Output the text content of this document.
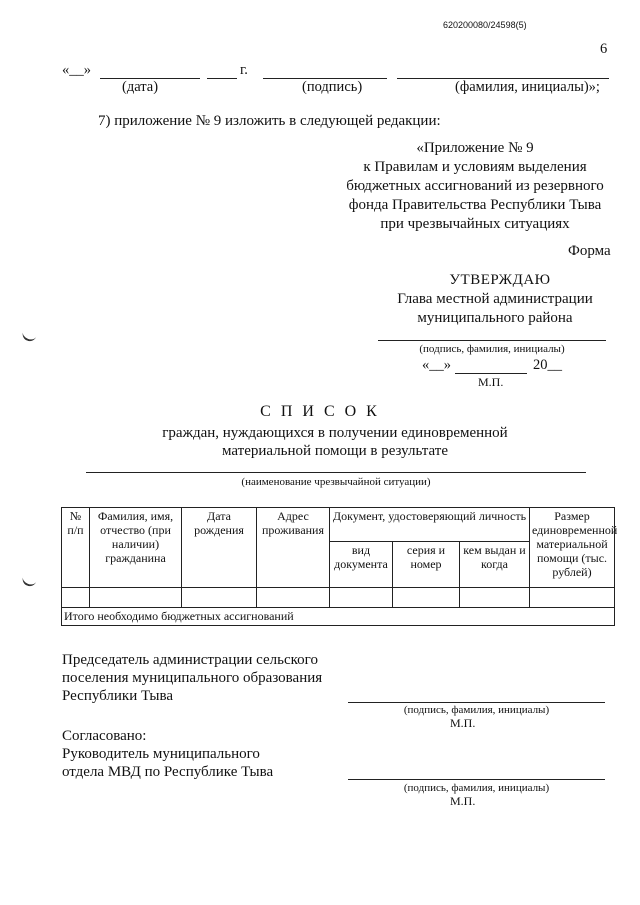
620200080/24598(5)
6
«__»	г.
(дата)	(подпись)	(фамилия, инициалы)»;
7) приложение № 9 изложить в следующей редакции:
«Приложение № 9
к Правилам и условиям выделения
бюджетных ассигнований из резервного
фонда Правительства Республики Тыва
при чрезвычайных ситуациях
Форма
УТВЕРЖДАЮ
Глава местной администрации
муниципального района
(подпись, фамилия, инициалы)
«__»	20__
М.П.
С П И С О К
граждан, нуждающихся в получении единовременной
материальной помощи в результате
(наименование чрезвычайной ситуации)
№ п/п	Фамилия, имя, отчество (при наличии) гражданина	Дата рождения	Адрес проживания	Документ, удостоверяющий личность			Размер единовременной материальной помощи (тыс. рублей)
				вид документа	серия и номер	кем выдан и когда	

Итого необходимо бюджетных ассигнований							
Председатель администрации сельского
поселения муниципального образования
Республики Тыва
(подпись, фамилия, инициалы)
М.П.
Согласовано:
Руководитель муниципального
отдела МВД по Республике Тыва
(подпись, фамилия, инициалы)
М.П.
